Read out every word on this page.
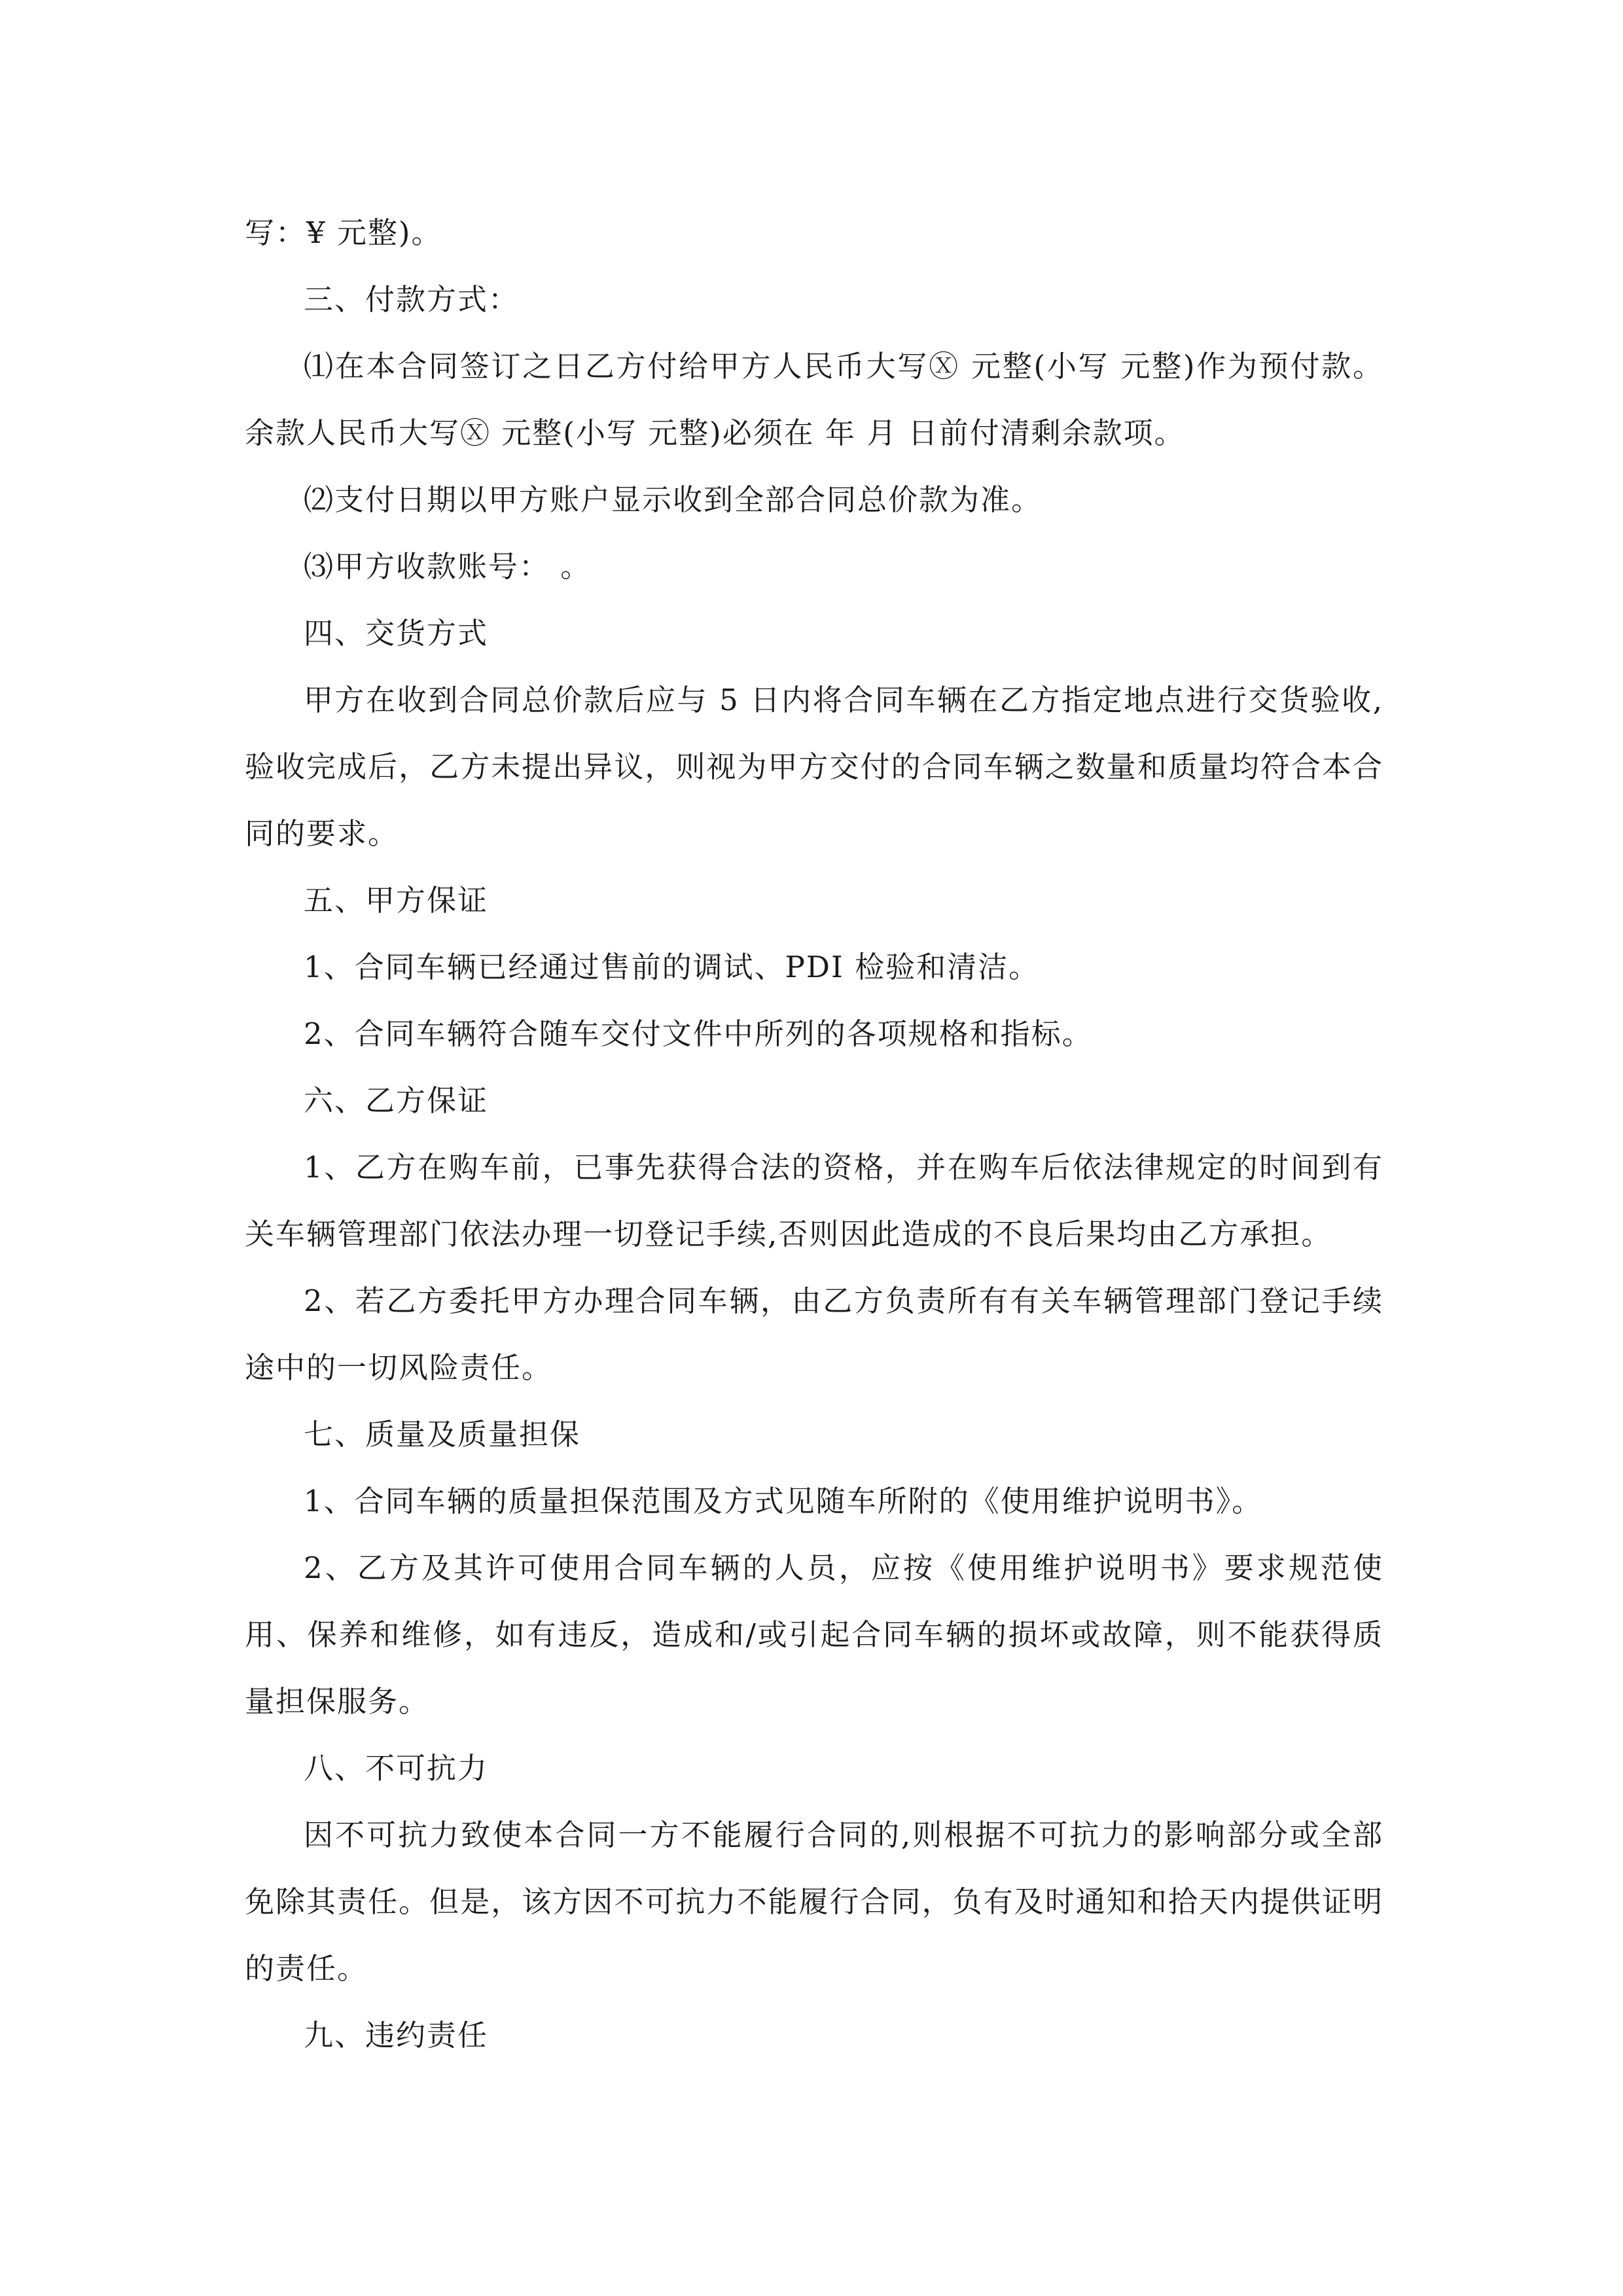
写：¥ 元整)。

三、付款方式：

⑴在本合同签订之日乙方付给甲方人民币大写Ⓧ 元整(小写 元整)作为预付款。余款人民币大写Ⓧ 元整(小写 元整)必须在 年 月 日前付清剩余款项。

⑵支付日期以甲方账户显示收到全部合同总价款为准。

⑶甲方收款账号： 。

四、交货方式

甲方在收到合同总价款后应与 5 日内将合同车辆在乙方指定地点进行交货验收,验收完成后，乙方未提出异议，则视为甲方交付的合同车辆之数量和质量均符合本合同的要求。

五、甲方保证

1、合同车辆已经通过售前的调试、PDI 检验和清洁。

2、合同车辆符合随车交付文件中所列的各项规格和指标。

六、乙方保证

1、乙方在购车前，已事先获得合法的资格，并在购车后依法律规定的时间到有关车辆管理部门依法办理一切登记手续,否则因此造成的不良后果均由乙方承担。

2、若乙方委托甲方办理合同车辆，由乙方负责所有有关车辆管理部门登记手续途中的一切风险责任。

七、质量及质量担保

1、合同车辆的质量担保范围及方式见随车所附的《使用维护说明书》。

2、乙方及其许可使用合同车辆的人员，应按《使用维护说明书》要求规范使用、保养和维修，如有违反，造成和/或引起合同车辆的损坏或故障，则不能获得质量担保服务。

八、不可抗力

因不可抗力致使本合同一方不能履行合同的,则根据不可抗力的影响部分或全部免除其责任。但是，该方因不可抗力不能履行合同，负有及时通知和拾天内提供证明的责任。

九、违约责任
